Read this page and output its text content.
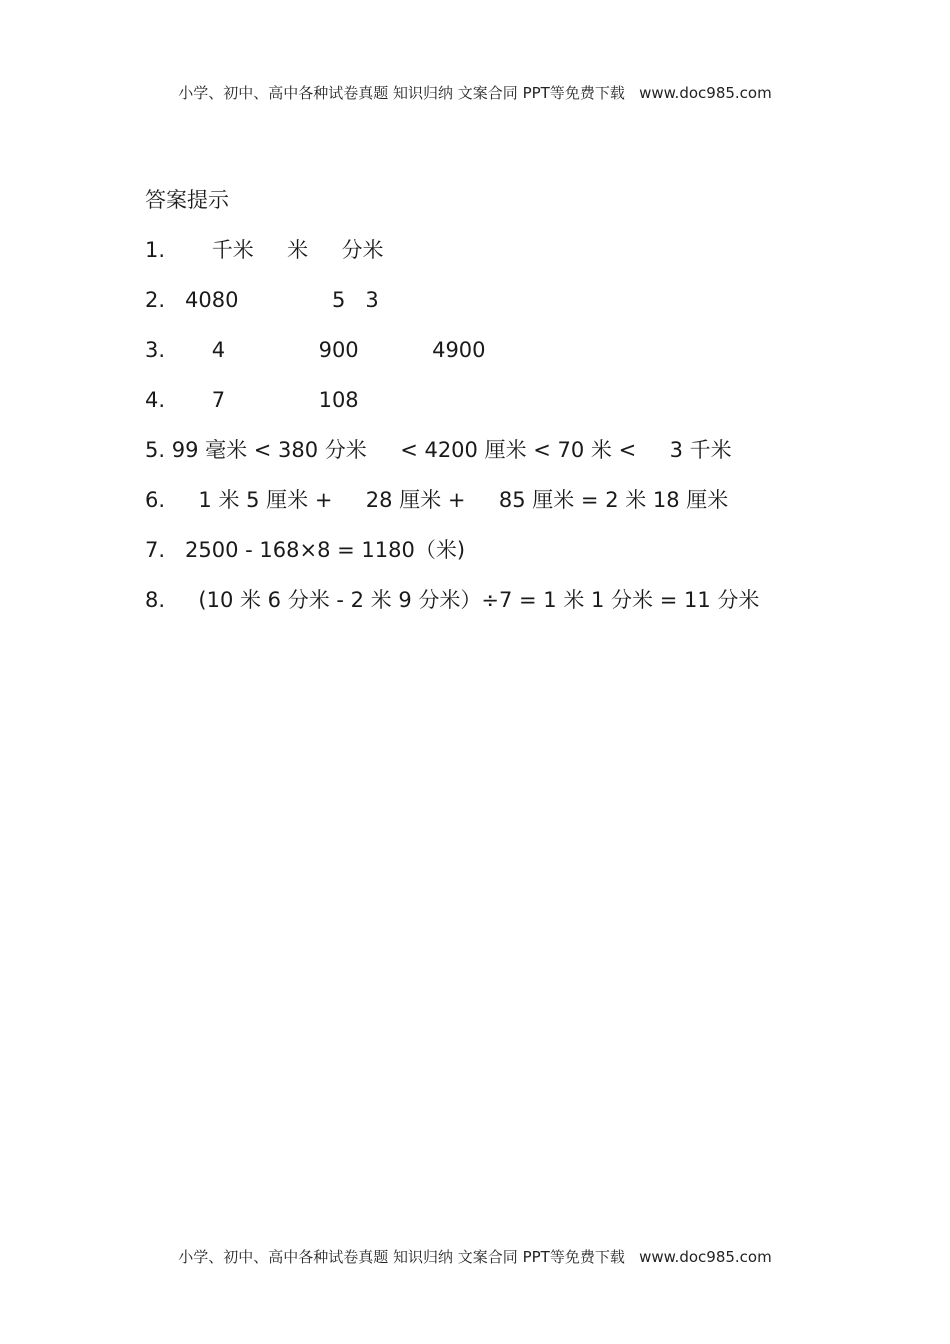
小学、初中、高中各种试卷真题 知识归纳 文案合同 PPT等免费下载   www.doc985.com
答案提示
1.       千米     米     分米
2.   4080              5   3
3.       4              900           4900
4.       7              108
5. 99 毫米 < 380 分米     < 4200 厘米 < 70 米 <     3 千米
6.     1 米 5 厘米 +     28 厘米 +     85 厘米 = 2 米 18 厘米
7.   2500 - 168×8 = 1180（米)
8.     (10 米 6 分米 - 2 米 9 分米）÷7 = 1 米 1 分米 = 11 分米
小学、初中、高中各种试卷真题 知识归纳 文案合同 PPT等免费下载   www.doc985.com
